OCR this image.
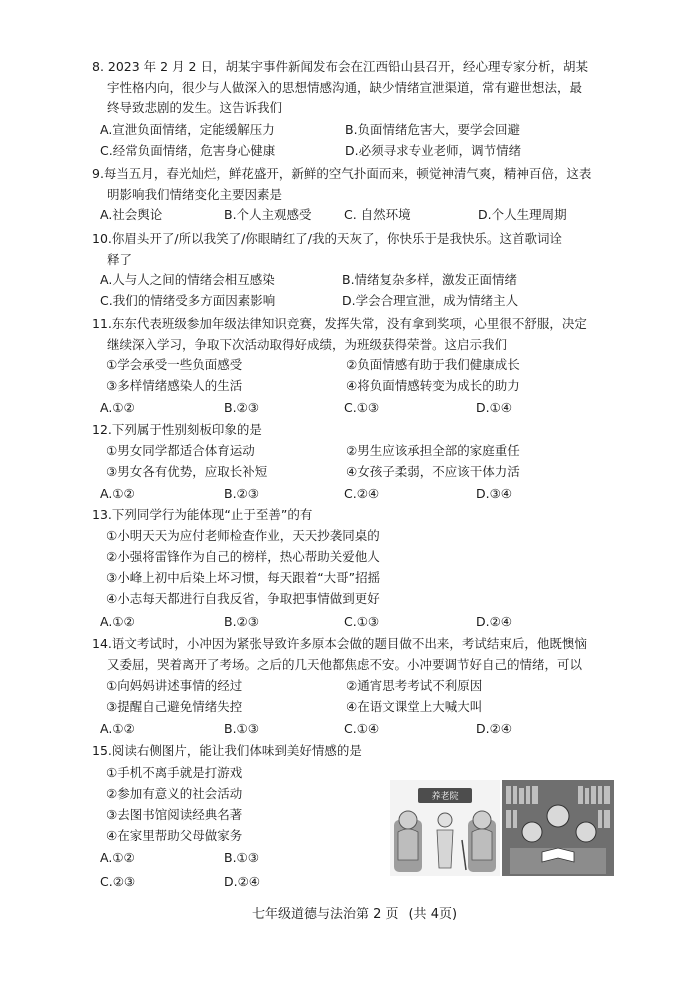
8. 2023 年 2 月 2 日，胡某宇事件新闻发布会在江西铅山县召开，经心理专家分析，胡某
宇性格内向，很少与人做深入的思想情感沟通，缺少情绪宣泄渠道，常有避世想法，最
终导致悲剧的发生。这告诉我们
A.宣泄负面情绪，定能缓解压力	B.负面情绪危害大，要学会回避
C.经常负面情绪，危害身心健康	D.必须寻求专业老师，调节情绪
9.每当五月，春光灿烂，鲜花盛开，新鲜的空气扑面而来，顿觉神清气爽，精神百倍，这表
明影响我们情绪变化主要因素是
A.社会舆论	B.个人主观感受	C. 自然环境	D.个人生理周期
10.你眉头开了/所以我笑了/你眼睛红了/我的天灰了，你快乐于是我快乐。这首歌词诠
释了
A.人与人之间的情绪会相互感染	B.情绪复杂多样，激发正面情绪
C.我们的情绪受多方面因素影响	D.学会合理宣泄，成为情绪主人
11.东东代表班级参加年级法律知识竞赛，发挥失常，没有拿到奖项，心里很不舒服，决定
继续深入学习，争取下次活动取得好成绩，为班级获得荣誉。这启示我们
①学会承受一些负面感受	②负面情感有助于我们健康成长
③多样情绪感染人的生活	④将负面情感转变为成长的助力
A.①②	B.②③	C.①③	D.①④
12.下列属于性别刻板印象的是
①男女同学都适合体育运动	②男生应该承担全部的家庭重任
③男女各有优势，应取长补短	④女孩子柔弱，不应该干体力活
A.①②	B.②③	C.②④	D.③④
13.下列同学行为能体现“止于至善”的有
①小明天天为应付老师检查作业，天天抄袭同桌的
②小强将雷锋作为自己的榜样，热心帮助关爱他人
③小峰上初中后染上坏习惯，每天跟着“大哥”招摇
④小志每天都进行自我反省，争取把事情做到更好
A.①②	B.②③	C.①③	D.②④
14.语文考试时，小冲因为紧张导致许多原本会做的题目做不出来，考试结束后，他既懊恼
又委屈，哭着离开了考场。之后的几天他都焦虑不安。小冲要调节好自己的情绪，可以
①向妈妈讲述事情的经过	②通宵思考考试不利原因
③提醒自己避免情绪失控	④在语文课堂上大喊大叫
A.①②	B.①③	C.①④	D.②④
15.阅读右侧图片，能让我们体味到美好情感的是
①手机不离手就是打游戏
②参加有意义的社会活动
③去图书馆阅读经典名著
④在家里帮助父母做家务
A.①②	B.①③
C.②③	D.②④
养老院
七年级道德与法治第 2 页 (共 4页)
